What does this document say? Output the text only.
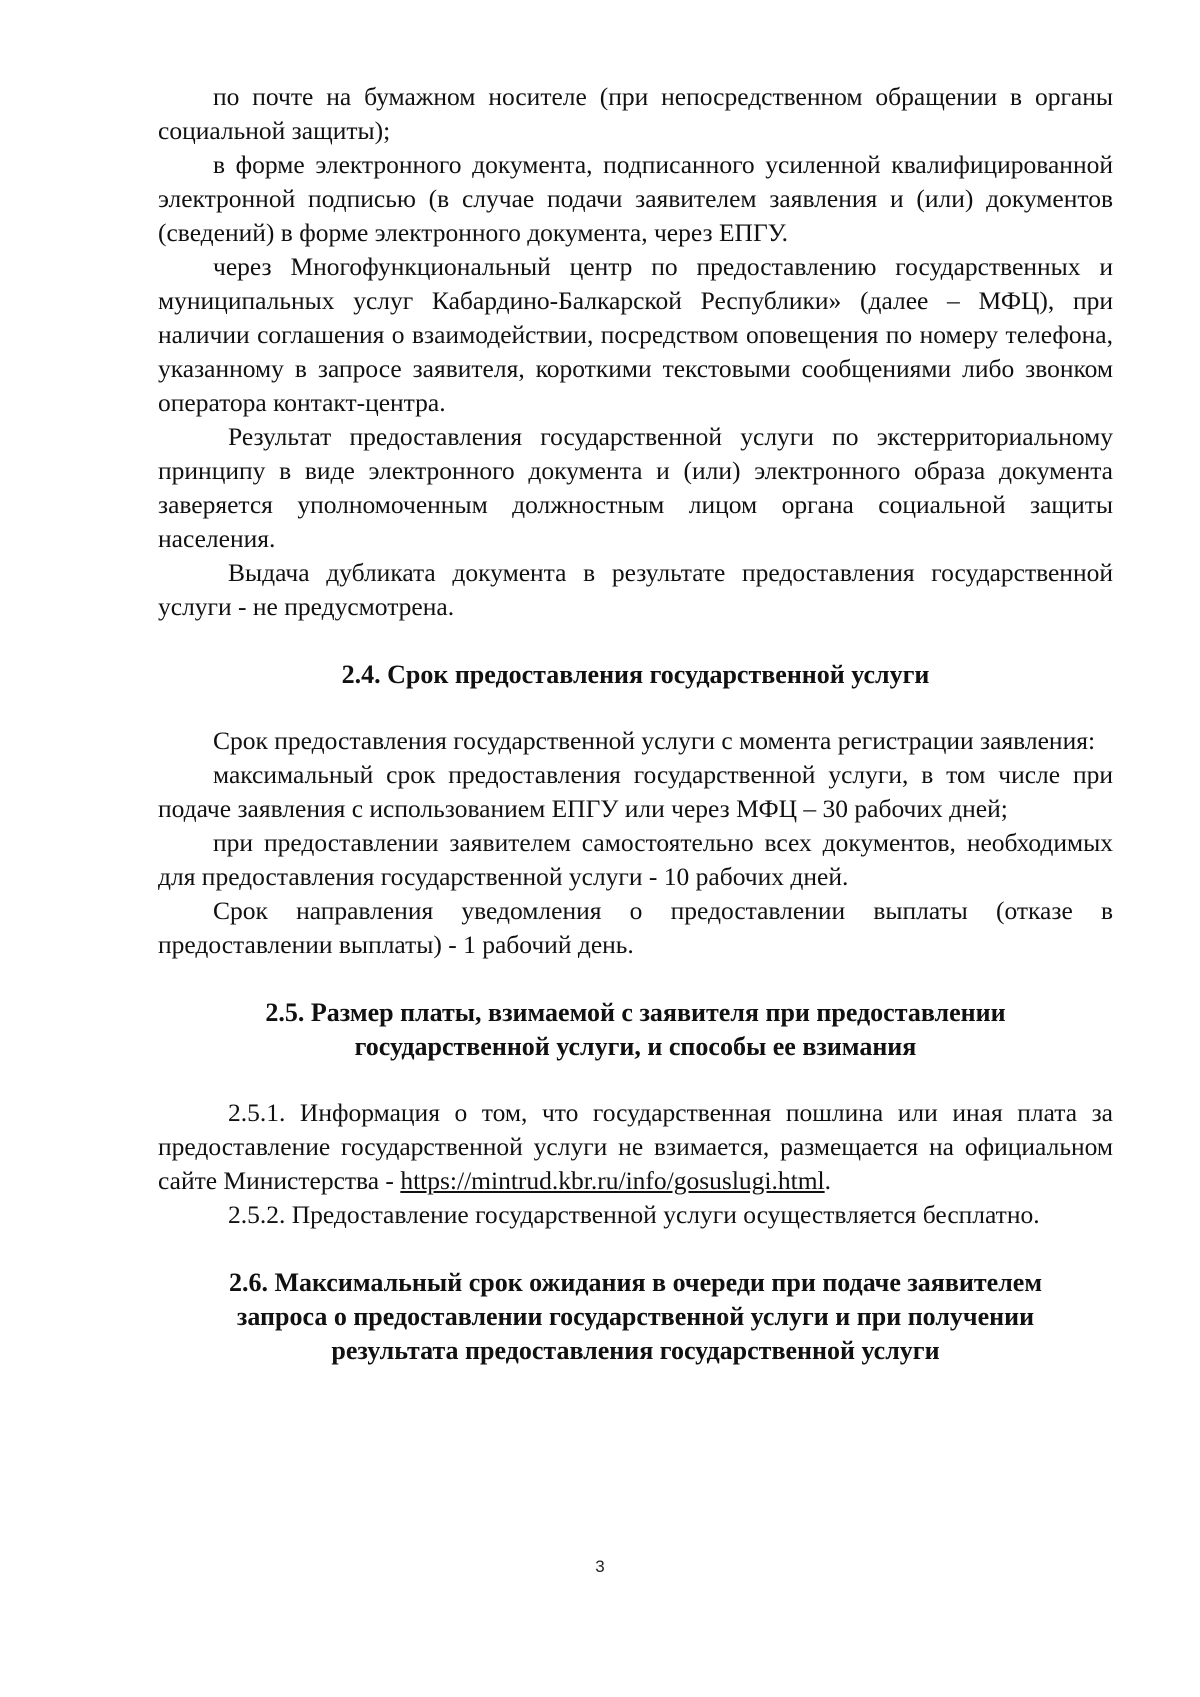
по почте на бумажном носителе (при непосредственном обращении в органы социальной защиты);

в форме электронного документа, подписанного усиленной квалифицированной электронной подписью (в случае подачи заявителем заявления и (или) документов (сведений) в форме электронного документа, через ЕПГУ.

через Многофункциональный центр по предоставлению государственных и муниципальных услуг Кабардино-Балкарской Республики» (далее – МФЦ), при наличии соглашения о взаимодействии, посредством оповещения по номеру телефона, указанному в запросе заявителя, короткими текстовыми сообщениями либо звонком оператора контакт-центра.

Результат предоставления государственной услуги по экстерриториальному принципу в виде электронного документа и (или) электронного образа документа заверяется уполномоченным должностным лицом органа социальной защиты населения.

Выдача дубликата документа в результате предоставления государственной услуги - не предусмотрена.

2.4. Срок предоставления государственной услуги

Срок предоставления государственной услуги с момента регистрации заявления:

максимальный срок предоставления государственной услуги, в том числе при подаче заявления с использованием ЕПГУ или через МФЦ – 30 рабочих дней;

при предоставлении заявителем самостоятельно всех документов, необходимых для предоставления государственной услуги - 10 рабочих дней.

Срок направления уведомления о предоставлении выплаты (отказе в предоставлении выплаты) - 1 рабочий день.

2.5. Размер платы, взимаемой с заявителя при предоставлении
государственной услуги, и способы ее взимания

2.5.1. Информация о том, что государственная пошлина или иная плата за предоставление государственной услуги не взимается, размещается на официальном сайте Министерства - https://mintrud.kbr.ru/info/gosuslugi.html.

2.5.2. Предоставление государственной услуги осуществляется бесплатно.

2.6. Максимальный срок ожидания в очереди при подаче заявителем
запроса о предоставлении государственной услуги и при получении
результата предоставления государственной услуги
3
